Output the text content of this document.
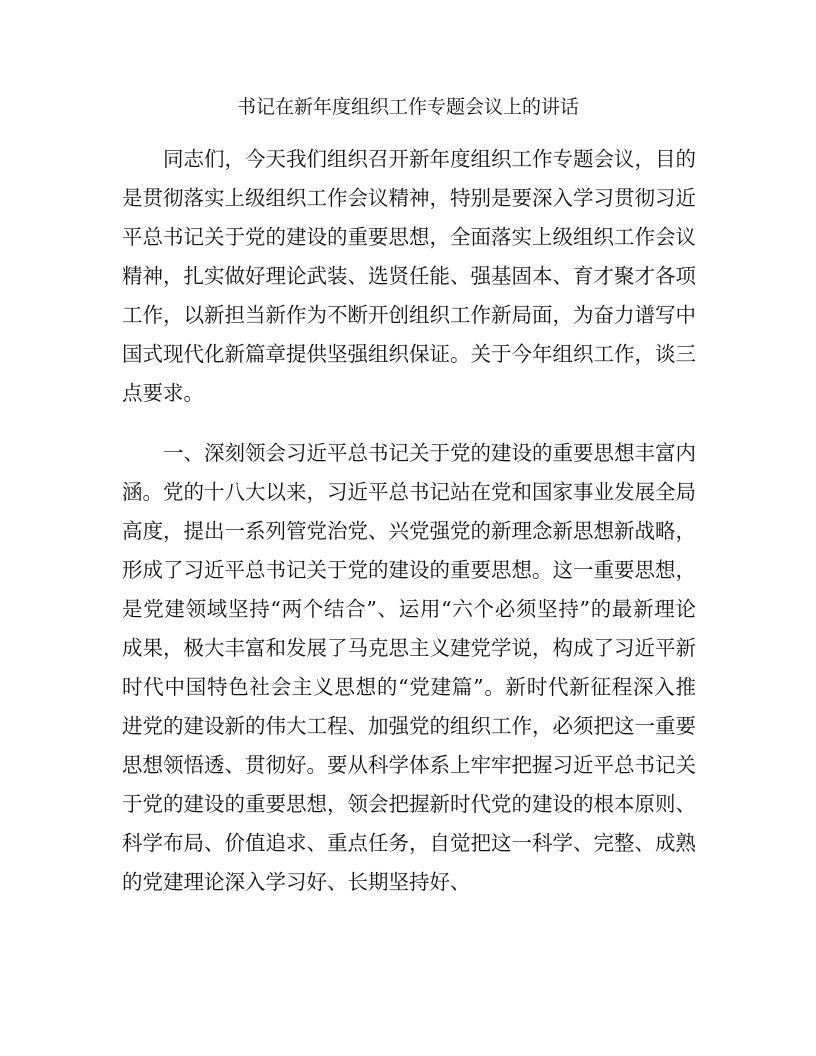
书记在新年度组织工作专题会议上的讲话

同志们，今天我们组织召开新年度组织工作专题会议，目的是贯彻落实上级组织工作会议精神，特别是要深入学习贯彻习近平总书记关于党的建设的重要思想，全面落实上级组织工作会议精神，扎实做好理论武装、选贤任能、强基固本、育才聚才各项工作，以新担当新作为不断开创组织工作新局面，为奋力谱写中国式现代化新篇章提供坚强组织保证。关于今年组织工作，谈三点要求。

一、深刻领会习近平总书记关于党的建设的重要思想丰富内涵。党的十八大以来，习近平总书记站在党和国家事业发展全局高度，提出一系列管党治党、兴党强党的新理念新思想新战略，形成了习近平总书记关于党的建设的重要思想。这一重要思想，是党建领域坚持“两个结合”、运用“六个必须坚持”的最新理论成果，极大丰富和发展了马克思主义建党学说，构成了习近平新时代中国特色社会主义思想的“党建篇”。新时代新征程深入推进党的建设新的伟大工程、加强党的组织工作，必须把这一重要思想领悟透、贯彻好。要从科学体系上牢牢把握习近平总书记关于党的建设的重要思想，领会把握新时代党的建设的根本原则、科学布局、价值追求、重点任务，自觉把这一科学、完整、成熟的党建理论深入学习好、长期坚持好、
